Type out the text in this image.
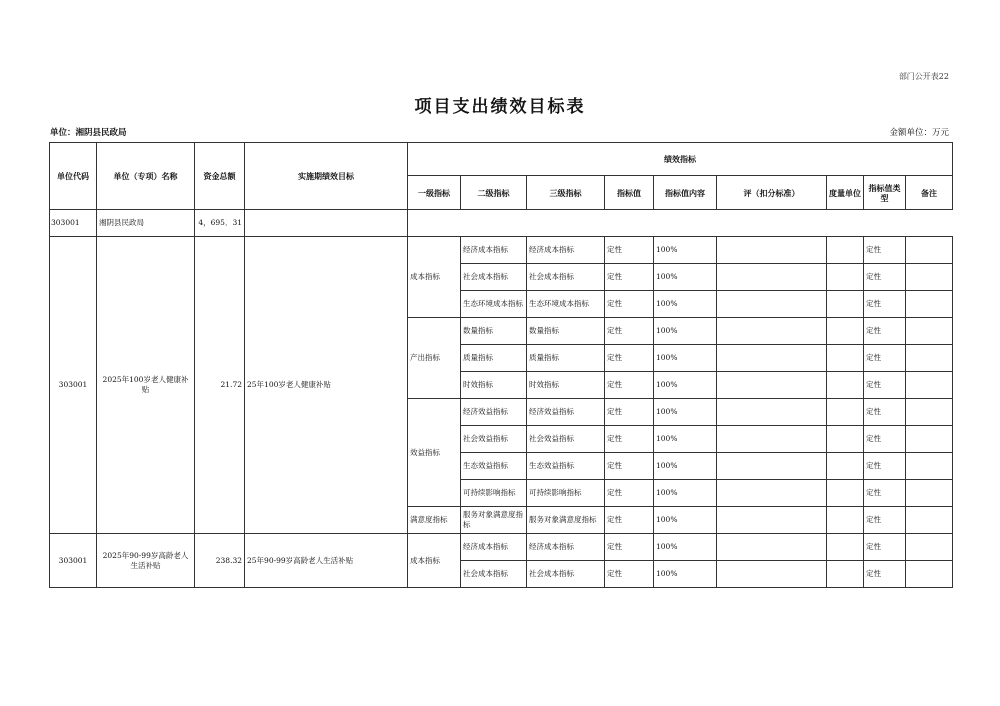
部门公开表22
项目支出绩效目标表
单位：湘阴县民政局	金额单位：万元
单位代码	单位（专项）名称	资金总额	实施期绩效目标	绩效指标								
				一级指标	二级指标	三级指标	指标值	指标值内容	评（扣分标准）	度量单位	指标值类型	备注
303001	湘阴县民政局	4，695．31										
303001	2025年100岁老人健康补贴	21.72	25年100岁老人健康补贴	成本指标	经济成本指标	经济成本指标	定性	100%			定性	
					社会成本指标	社会成本指标	定性	100%			定性	
					生态环境成本指标	生态环境成本指标	定性	100%			定性	
				产出指标	数量指标	数量指标	定性	100%			定性	
					质量指标	质量指标	定性	100%			定性	
					时效指标	时效指标	定性	100%			定性	
				效益指标	经济效益指标	经济效益指标	定性	100%			定性	
					社会效益指标	社会效益指标	定性	100%			定性	
					生态效益指标	生态效益指标	定性	100%			定性	
					可持续影响指标	可持续影响指标	定性	100%			定性	
				满意度指标	服务对象满意度指标	服务对象满意度指标	定性	100%			定性	
303001	2025年90-99岁高龄老人生活补贴	238.32	25年90-99岁高龄老人生活补贴	成本指标	经济成本指标	经济成本指标	定性	100%			定性	
					社会成本指标	社会成本指标	定性	100%			定性	
